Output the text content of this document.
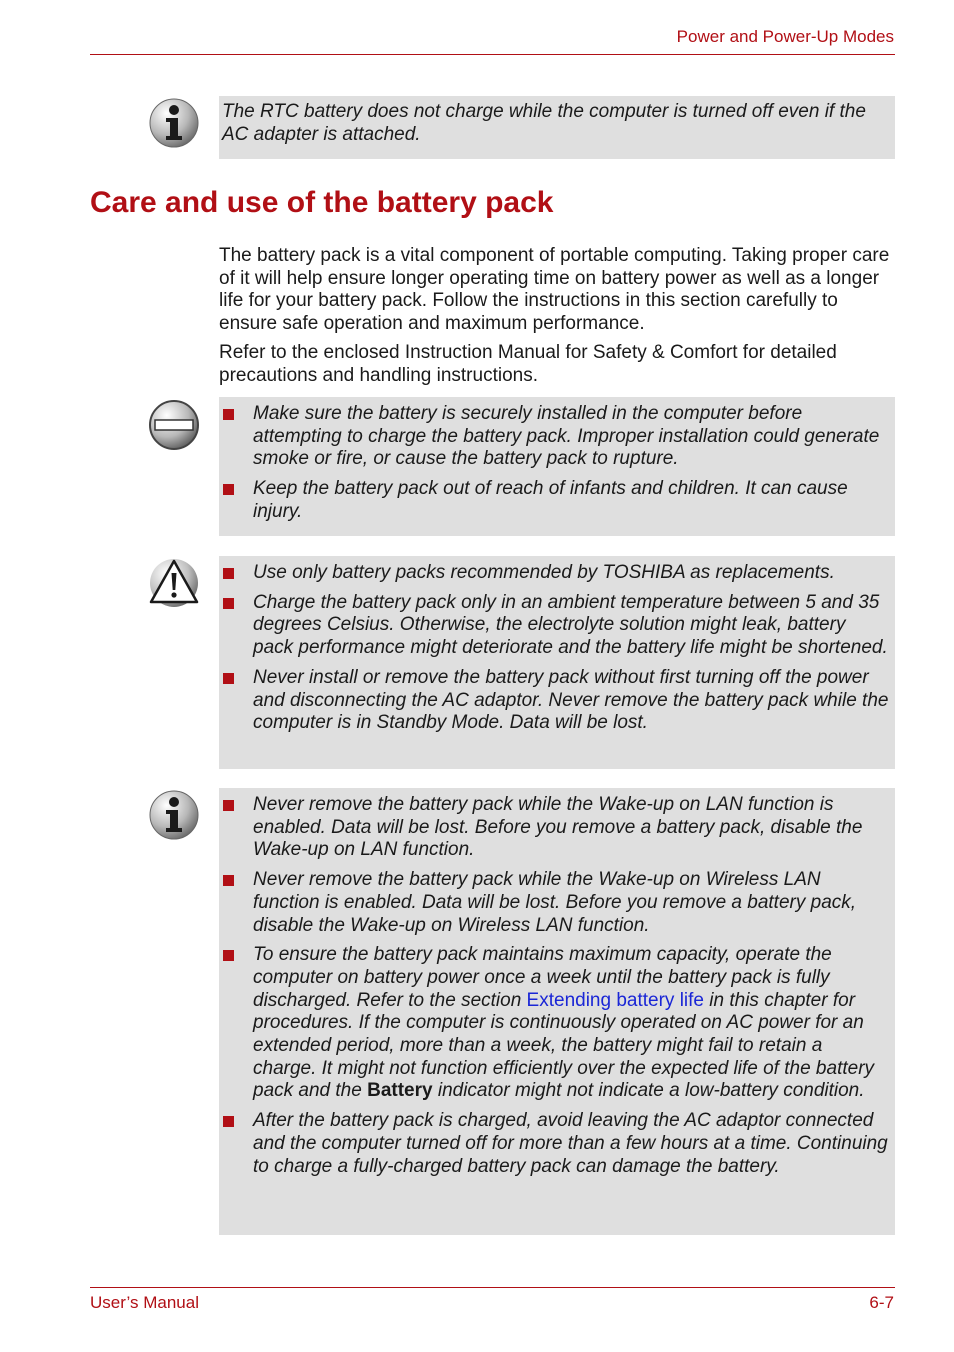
Power and Power-Up Modes

The RTC battery does not charge while the computer is turned off even if the AC adapter is attached.

Care and use of the battery pack

The battery pack is a vital component of portable computing. Taking proper care of it will help ensure longer operating time on battery power as well as a longer life for your battery pack. Follow the instructions in this section carefully to ensure safe operation and maximum performance.

Refer to the enclosed Instruction Manual for Safety & Comfort for detailed precautions and handling instructions.

Make sure the battery is securely installed in the computer before attempting to charge the battery pack. Improper installation could generate smoke or fire, or cause the battery pack to rupture.
Keep the battery pack out of reach of infants and children. It can cause injury.
Use only battery packs recommended by TOSHIBA as replacements.
Charge the battery pack only in an ambient temperature between 5 and 35 degrees Celsius. Otherwise, the electrolyte solution might leak, battery pack performance might deteriorate and the battery life might be shortened.
Never install or remove the battery pack without first turning off the power and disconnecting the AC adaptor. Never remove the battery pack while the computer is in Standby Mode. Data will be lost.
Never remove the battery pack while the Wake-up on LAN function is enabled. Data will be lost. Before you remove a battery pack, disable the Wake-up on LAN function.
Never remove the battery pack while the Wake-up on Wireless LAN function is enabled. Data will be lost. Before you remove a battery pack, disable the Wake-up on Wireless LAN function.
To ensure the battery pack maintains maximum capacity, operate the computer on battery power once a week until the battery pack is fully discharged. Refer to the section Extending battery life in this chapter for procedures. If the computer is continuously operated on AC power for an extended period, more than a week, the battery might fail to retain a charge. It might not function efficiently over the expected life of the battery pack and the Battery indicator might not indicate a low-battery condition.
After the battery pack is charged, avoid leaving the AC adaptor connected and the computer turned off for more than a few hours at a time. Continuing to charge a fully-charged battery pack can damage the battery.
User’s Manual	6-7
